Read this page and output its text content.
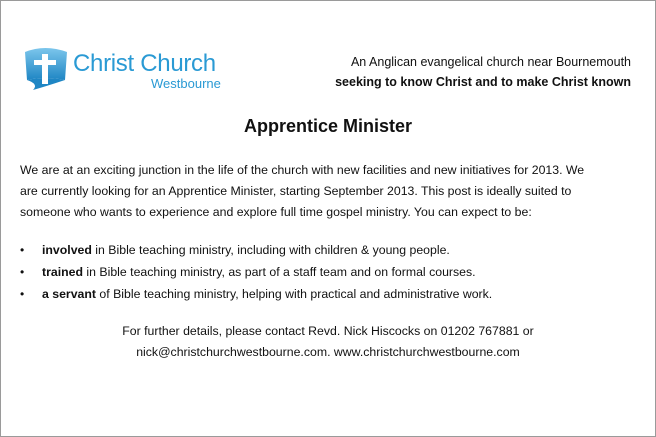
Christ Church
Westbourne
An Anglican evangelical church near Bournemouth
seeking to know Christ and to make Christ known
Apprentice Minister
We are at an exciting junction in the life of the church with new facilities and new initiatives for 2013. We
are currently looking for an Apprentice Minister, starting September 2013. This post is ideally suited to
someone who wants to experience and explore full time gospel ministry. You can expect to be:
• involved in Bible teaching ministry, including with children & young people.
• trained in Bible teaching ministry, as part of a staff team and on formal courses.
• a servant of Bible teaching ministry, helping with practical and administrative work.
For further details, please contact Revd. Nick Hiscocks on 01202 767881 or
nick@christchurchwestbourne.com. www.christchurchwestbourne.com
